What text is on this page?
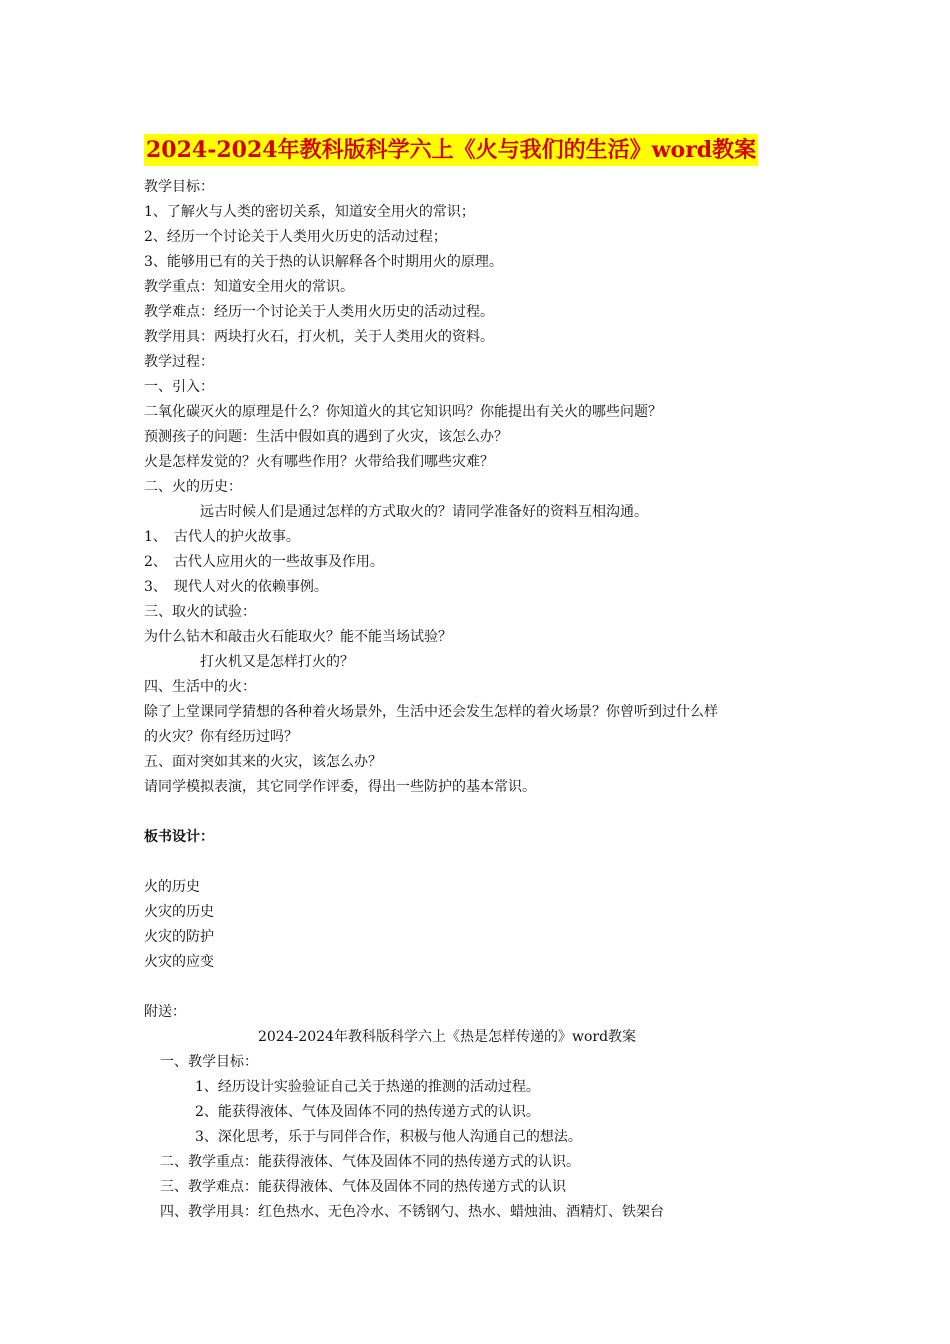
2024-2024年教科版科学六上《火与我们的生活》word教案
教学目标：
1、了解火与人类的密切关系，知道安全用火的常识；
2、经历一个讨论关于人类用火历史的活动过程；
3、能够用已有的关于热的认识解释各个时期用火的原理。
教学重点：知道安全用火的常识。
教学难点：经历一个讨论关于人类用火历史的活动过程。
教学用具：两块打火石，打火机，关于人类用火的资料。
教学过程：
一、引入：
二氧化碳灭火的原理是什么？你知道火的其它知识吗？你能提出有关火的哪些问题？
预测孩子的问题：生活中假如真的遇到了火灾，该怎么办？
火是怎样发觉的？火有哪些作用？火带给我们哪些灾难？
二、火的历史：
远古时候人们是通过怎样的方式取火的？请同学准备好的资料互相沟通。
1、　古代人的护火故事。
2、　古代人应用火的一些故事及作用。
3、　现代人对火的依赖事例。
三、取火的试验：
为什么钻木和敲击火石能取火？能不能当场试验？
打火机又是怎样打火的？
四、生活中的火：
除了上堂课同学猜想的各种着火场景外，生活中还会发生怎样的着火场景？你曾听到过什么样
的火灾？你有经历过吗？
五、面对突如其来的火灾，该怎么办？
请同学模拟表演，其它同学作评委，得出一些防护的基本常识。
板书设计：
火的历史
火灾的历史
火灾的防护
火灾的应变
附送：
2024-2024年教科版科学六上《热是怎样传递的》word教案
一、教学目标：
1、经历设计实验验证自己关于热递的推测的活动过程。
2、能获得液体、气体及固体不同的热传递方式的认识。
3、深化思考，乐于与同伴合作，积极与他人沟通自己的想法。
二、教学重点：能获得液体、气体及固体不同的热传递方式的认识。
三、教学难点：能获得液体、气体及固体不同的热传递方式的认识
四、教学用具：红色热水、无色冷水、不锈钢勺、热水、蜡烛油、酒精灯、铁架台
